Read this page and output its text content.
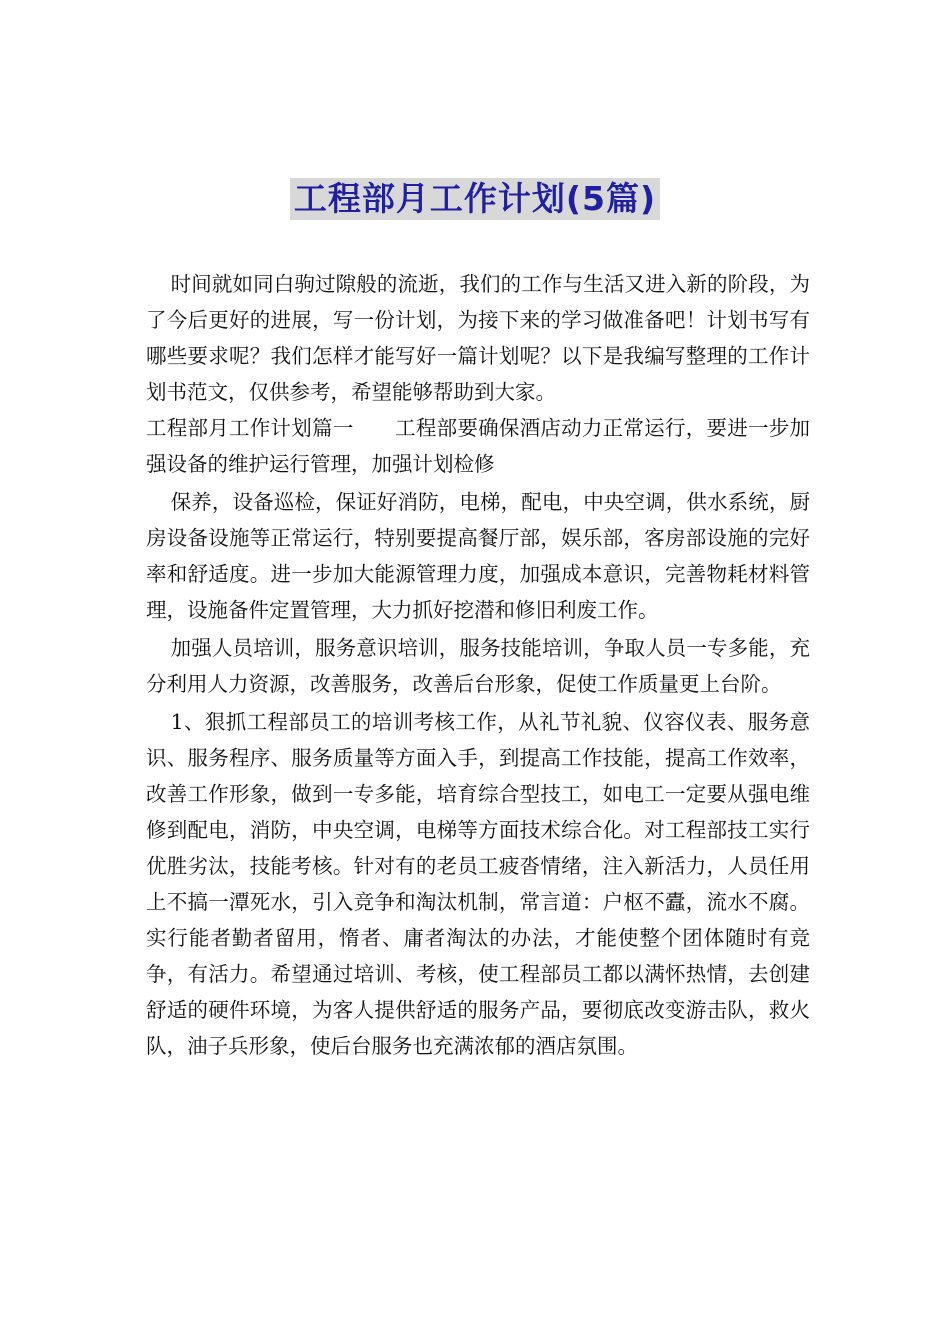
工程部月工作计划(5篇)

时间就如同白驹过隙般的流逝，我们的工作与生活又进入新的阶段，为了今后更好的进展，写一份计划，为接下来的学习做准备吧！计划书写有哪些要求呢？我们怎样才能写好一篇计划呢？以下是我编写整理的工作计划书范文，仅供参考，希望能够帮助到大家。

工程部月工作计划篇一　　工程部要确保酒店动力正常运行，要进一步加强设备的维护运行管理，加强计划检修

保养，设备巡检，保证好消防，电梯，配电，中央空调，供水系统，厨房设备设施等正常运行，特别要提高餐厅部，娱乐部，客房部设施的完好率和舒适度。进一步加大能源管理力度，加强成本意识，完善物耗材料管理，设施备件定置管理，大力抓好挖潜和修旧利废工作。

加强人员培训，服务意识培训，服务技能培训，争取人员一专多能，充分利用人力资源，改善服务，改善后台形象，促使工作质量更上台阶。

1、狠抓工程部员工的培训考核工作，从礼节礼貌、仪容仪表、服务意识、服务程序、服务质量等方面入手，到提高工作技能，提高工作效率，改善工作形象，做到一专多能，培育综合型技工，如电工一定要从强电维修到配电，消防，中央空调，电梯等方面技术综合化。对工程部技工实行优胜劣汰，技能考核。针对有的老员工疲沓情绪，注入新活力，人员任用上不搞一潭死水，引入竞争和淘汰机制，常言道：户枢不蠹，流水不腐。实行能者勤者留用，惰者、庸者淘汰的办法，才能使整个团体随时有竞争，有活力。希望通过培训、考核，使工程部员工都以满怀热情，去创建舒适的硬件环境，为客人提供舒适的服务产品，要彻底改变游击队，救火队，油子兵形象，使后台服务也充满浓郁的酒店氛围。
